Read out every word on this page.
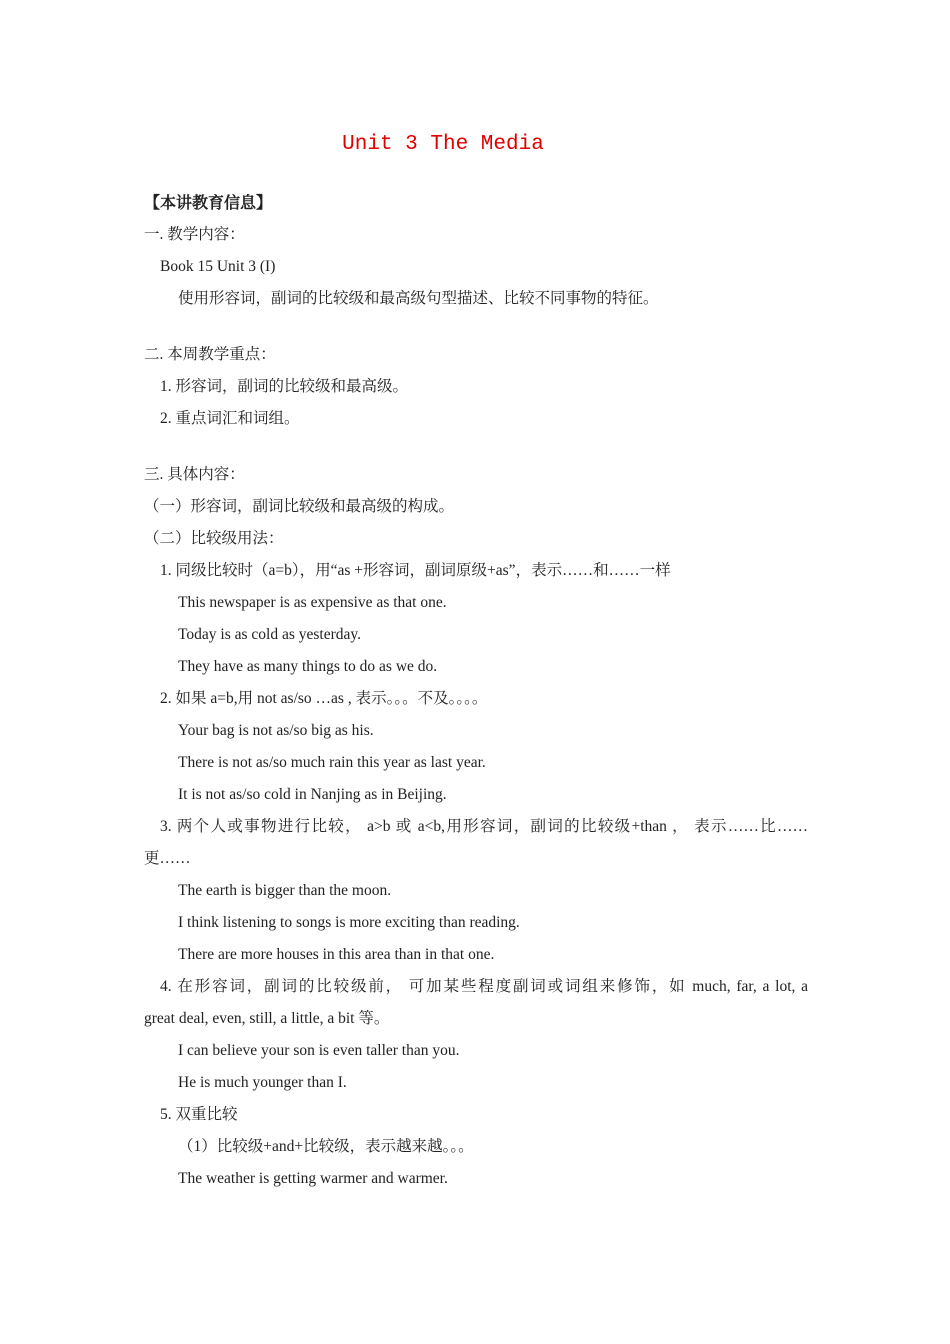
Unit 3 The Media
【本讲教育信息】
一. 教学内容：
Book 15 Unit 3 (I)
使用形容词，副词的比较级和最高级句型描述、比较不同事物的特征。
二. 本周教学重点：
1. 形容词，副词的比较级和最高级。
2. 重点词汇和词组。
三. 具体内容：
（一）形容词，副词比较级和最高级的构成。
（二）比较级用法：
1. 同级比较时（a=b），用“as +形容词，副词原级+as”，表示……和……一样
This newspaper is as expensive as that one.
Today is as cold as yesterday.
They have as many things to do as we do.
2. 如果 a=b,用 not as/so …as , 表示。。。不及。。。。
Your bag is not as/so big as his.
There is not as/so much rain this year as last year.
It is not as/so cold in Nanjing as in Beijing.
3. 两个人或事物进行比较， a>b 或 a<b,用形容词，副词的比较级+than ， 表示……比……
更……
The earth is bigger than the moon.
I think listening to songs is more exciting than reading.
There are more houses in this area than in that one.
4. 在形容词，副词的比较级前， 可加某些程度副词或词组来修饰，如 much, far, a lot, a
great deal, even, still, a little, a bit 等。
I can believe your son is even taller than you.
He is much younger than I.
5. 双重比较
（1）比较级+and+比较级，表示越来越。。。
The weather is getting warmer and warmer.
